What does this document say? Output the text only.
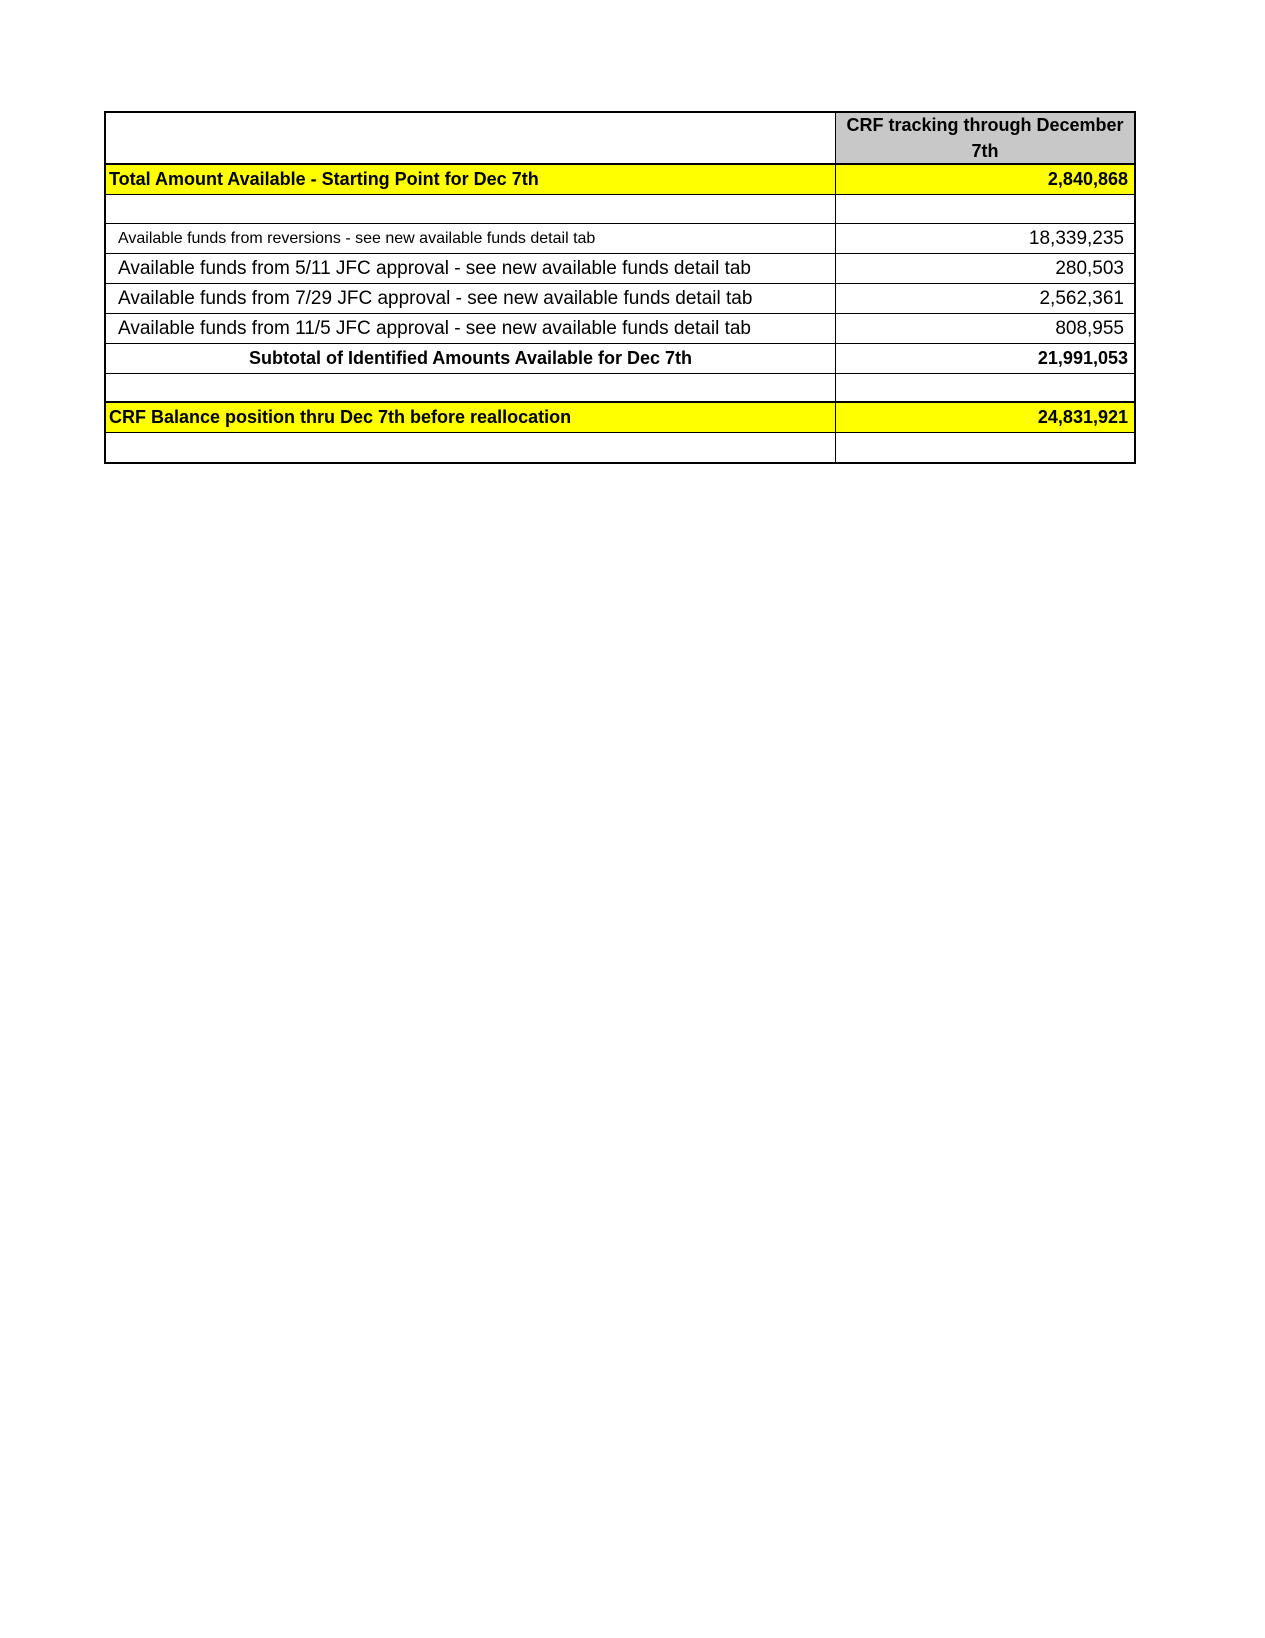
CRF tracking through December 7th
Total Amount Available - Starting Point for Dec 7th	2,840,868
Available funds from reversions - see new available funds detail tab	18,339,235
Available funds from 5/11 JFC approval - see new available funds detail tab	280,503
Available funds from 7/29 JFC approval - see new available funds detail tab	2,562,361
Available funds from 11/5 JFC approval - see new available funds detail tab	808,955
Subtotal of Identified Amounts Available for Dec 7th	21,991,053
CRF Balance position thru Dec 7th before reallocation	24,831,921
